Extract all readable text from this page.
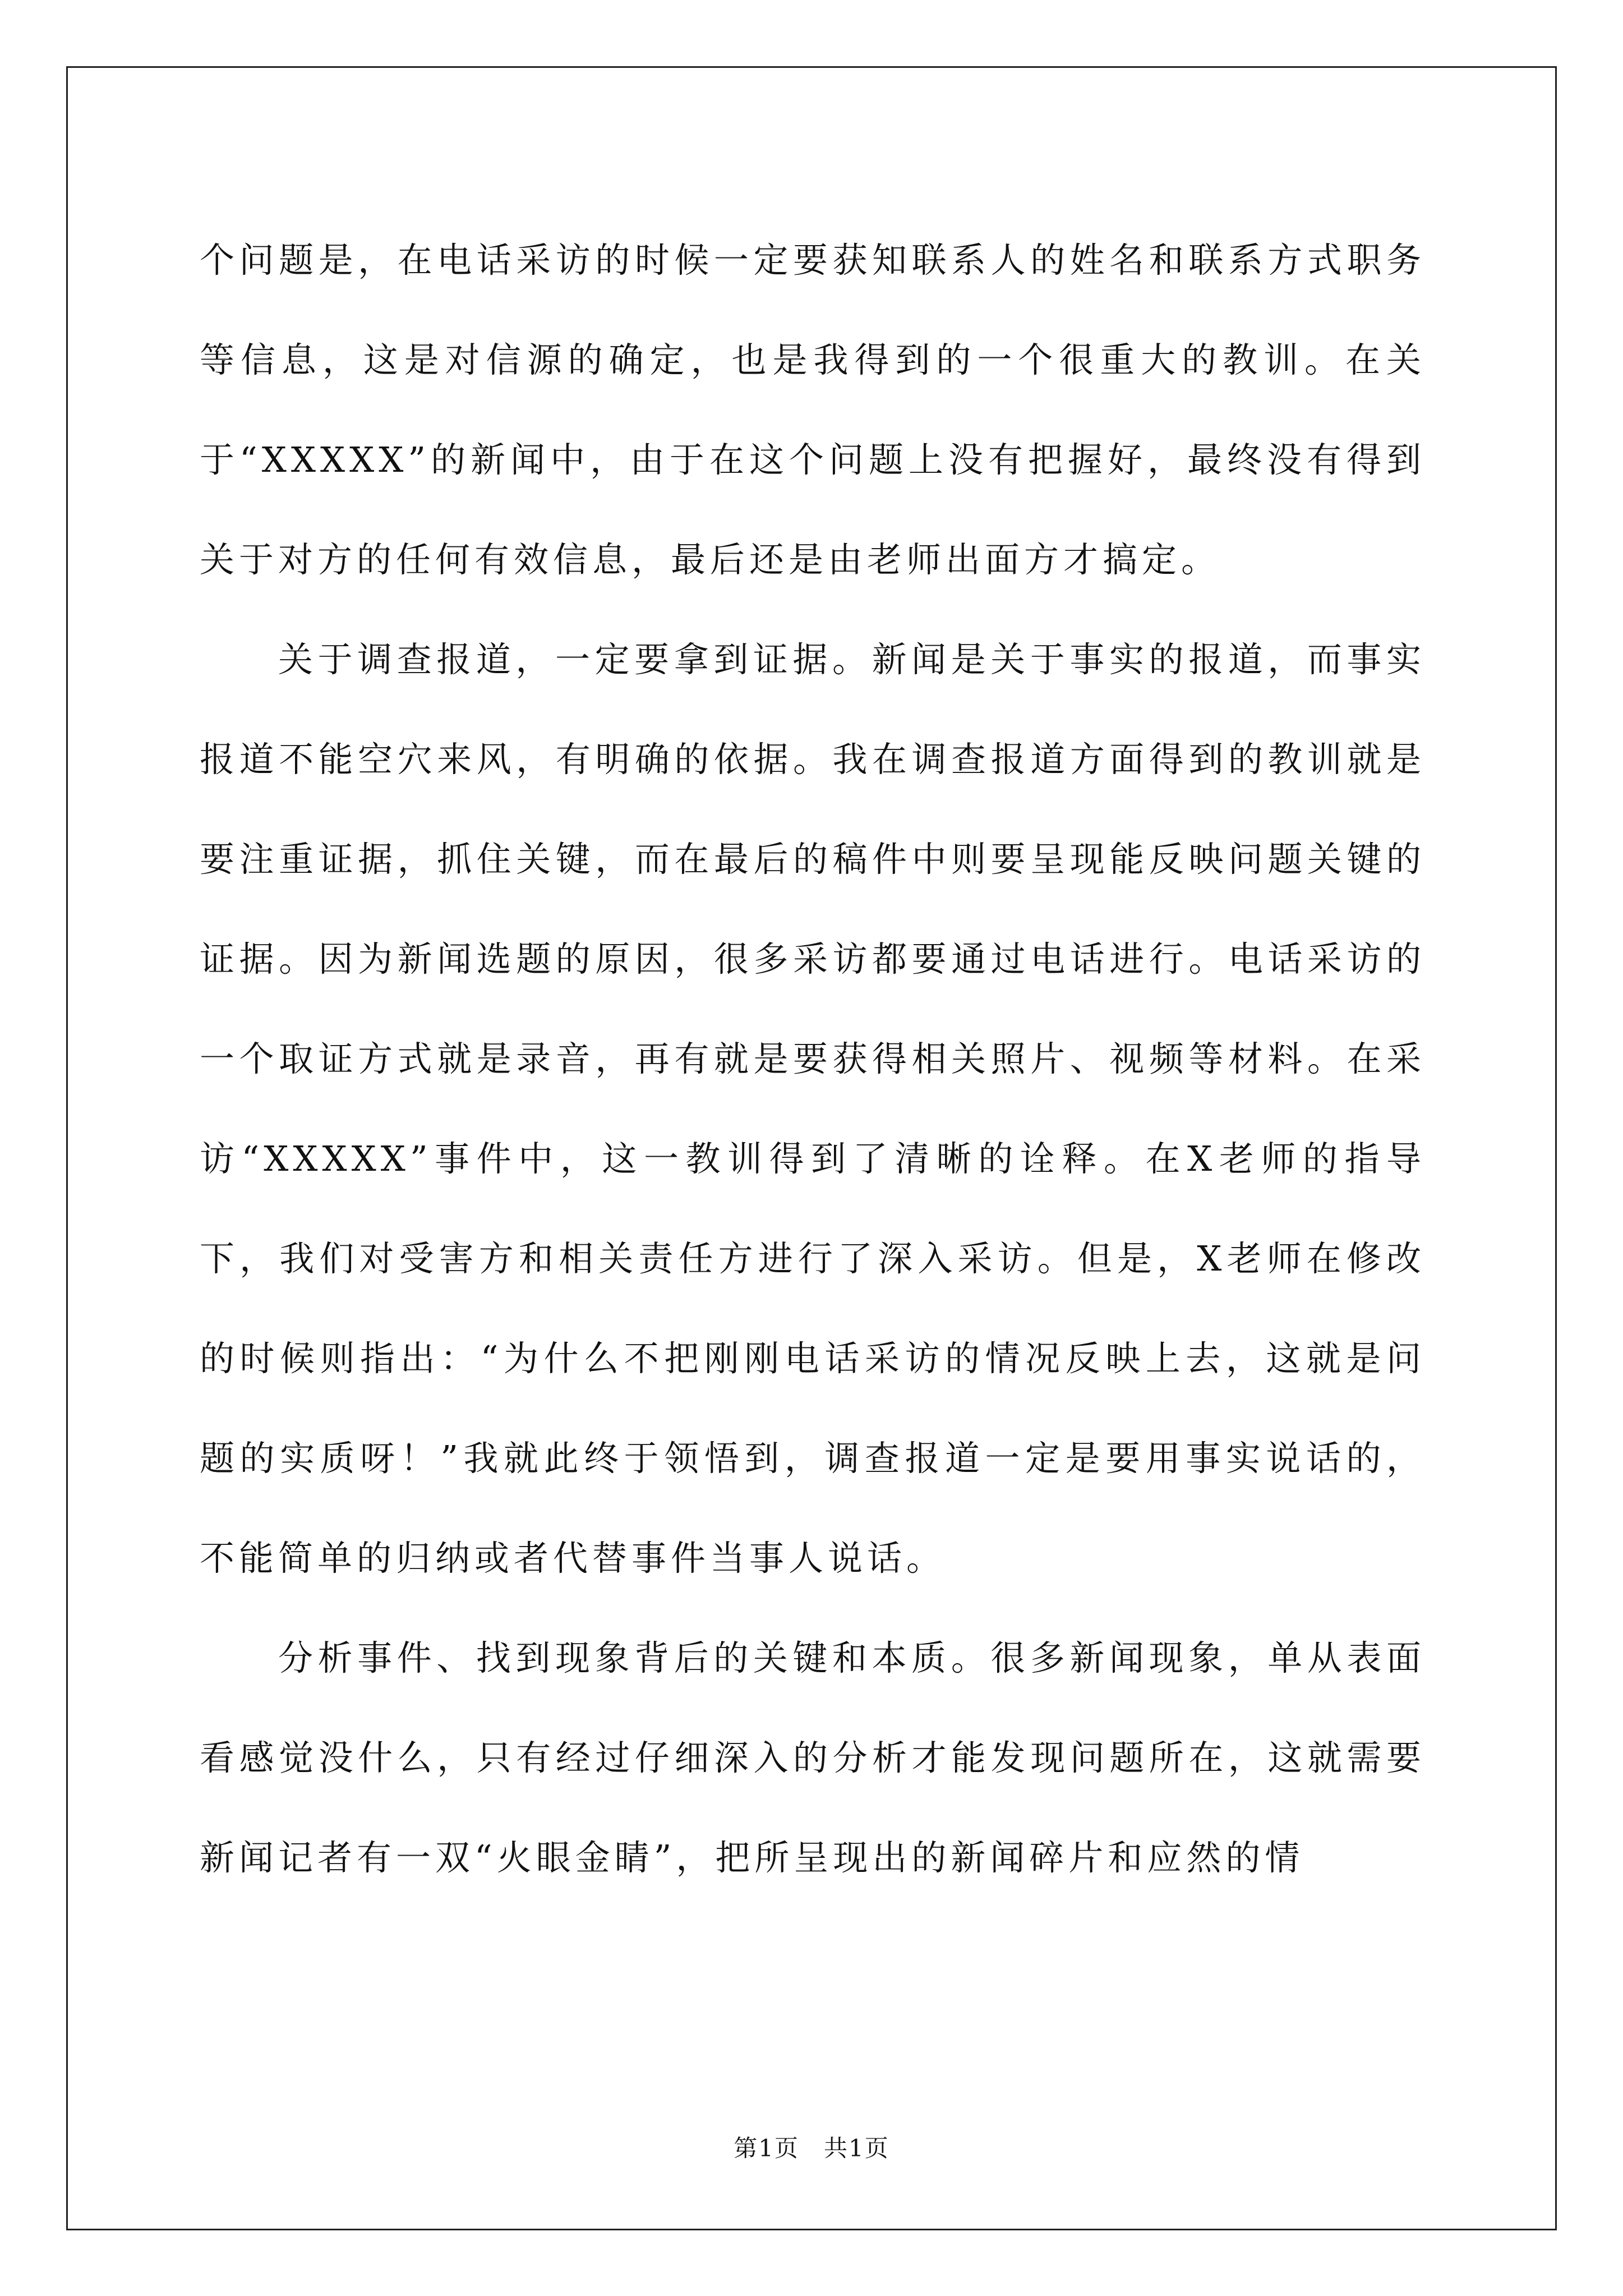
个问题是，在电话采访的时候一定要获知联系人的姓名和联系方式职务等信息，这是对信源的确定，也是我得到的一个很重大的教训。在关于“XXXXX”的新闻中，由于在这个问题上没有把握好，最终没有得到关于对方的任何有效信息，最后还是由老师出面方才搞定。

关于调查报道，一定要拿到证据。新闻是关于事实的报道，而事实报道不能空穴来风，有明确的依据。我在调查报道方面得到的教训就是要注重证据，抓住关键，而在最后的稿件中则要呈现能反映问题关键的证据。因为新闻选题的原因，很多采访都要通过电话进行。电话采访的一个取证方式就是录音，再有就是要获得相关照片、视频等材料。在采访“XXXXX”事件中，这一教训得到了清晰的诠释。在X老师的指导下，我们对受害方和相关责任方进行了深入采访。但是，X老师在修改的时候则指出：“为什么不把刚刚电话采访的情况反映上去，这就是问题的实质呀！”我就此终于领悟到，调查报道一定是要用事实说话的，不能简单的归纳或者代替事件当事人说话。

分析事件、找到现象背后的关键和本质。很多新闻现象，单从表面看感觉没什么，只有经过仔细深入的分析才能发现问题所在，这就需要新闻记者有一双“火眼金睛”，把所呈现出的新闻碎片和应然的情

第1页　共1页
